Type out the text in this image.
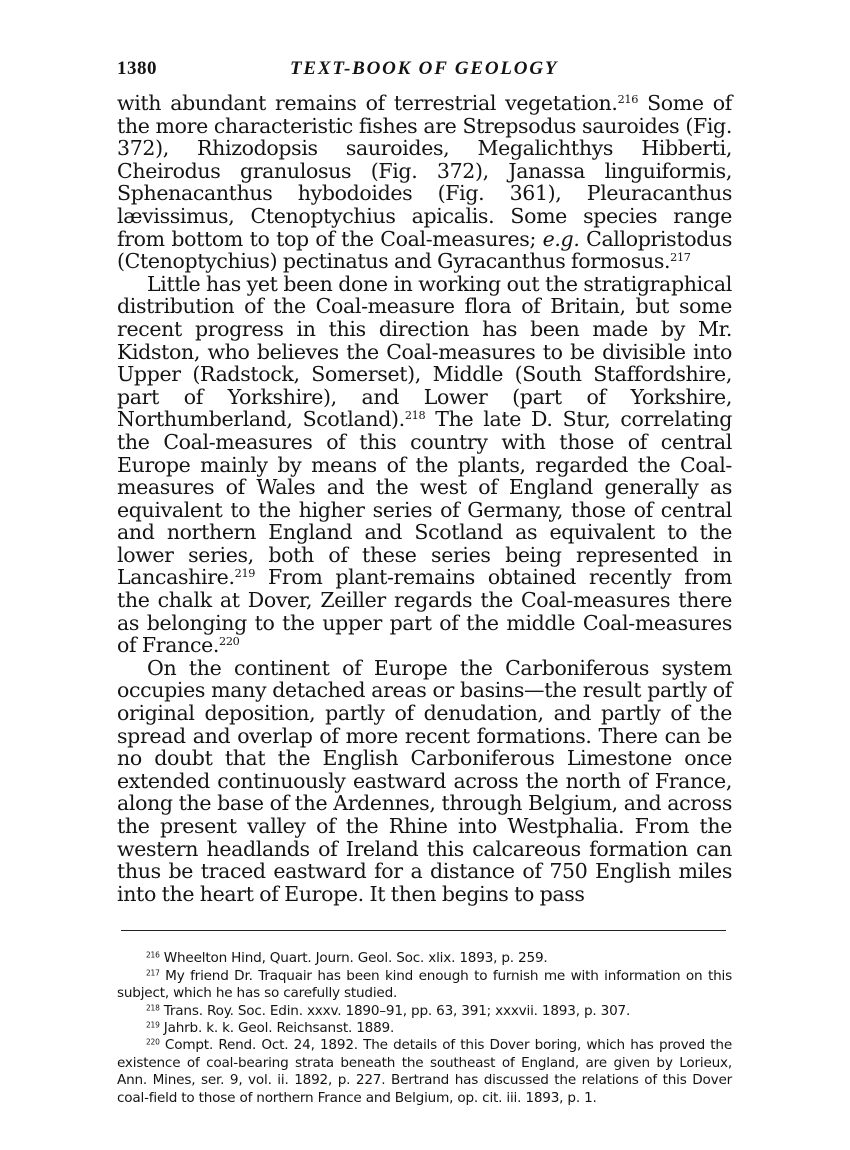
1380	TEXT-BOOK OF GEOLOGY

with abundant remains of terrestrial vegetation.$^{216}$ Some of the more characteristic fishes are Strepsodus sauroides (Fig. 372), Rhizodopsis sauroides, Megalichthys Hibberti, Cheirodus granulosus (Fig. 372), Janassa linguiformis, Sphenacanthus hybodoides (Fig. 361), Pleuracanthus lævissimus, Ctenoptychius apicalis. Some species range from bottom to top of the Coal-measures; e.g. Callopristodus (Ctenoptychius) pectinatus and Gyracanthus formosus.$^{217}$

Little has yet been done in working out the stratigraphical distribution of the Coal-measure flora of Britain, but some recent progress in this direction has been made by Mr. Kidston, who believes the Coal-measures to be divisible into Upper (Radstock, Somerset), Middle (South Staffordshire, part of Yorkshire), and Lower (part of Yorkshire, Northumberland, Scotland).$^{218}$ The late D. Stur, correlating the Coal-measures of this country with those of central Europe mainly by means of the plants, regarded the Coal-measures of Wales and the west of England generally as equivalent to the higher series of Germany, those of central and northern England and Scotland as equivalent to the lower series, both of these series being represented in Lancashire.$^{219}$ From plant-remains obtained recently from the chalk at Dover, Zeiller regards the Coal-measures there as belonging to the upper part of the middle Coal-measures of France.$^{220}$

On the continent of Europe the Carboniferous system occupies many detached areas or basins—the result partly of original deposition, partly of denudation, and partly of the spread and overlap of more recent formations. There can be no doubt that the English Carboniferous Limestone once extended continuously eastward across the north of France, along the base of the Ardennes, through Belgium, and across the present valley of the Rhine into Westphalia. From the western headlands of Ireland this calcareous formation can thus be traced eastward for a distance of 750 English miles into the heart of Europe. It then begins to pass

$^{216}$ Wheelton Hind, Quart. Journ. Geol. Soc. xlix. 1893, p. 259.

$^{217}$ My friend Dr. Traquair has been kind enough to furnish me with information on this subject, which he has so carefully studied.

$^{218}$ Trans. Roy. Soc. Edin. xxxv. 1890–91, pp. 63, 391; xxxvii. 1893, p. 307.

$^{219}$ Jahrb. k. k. Geol. Reichsanst. 1889.

$^{220}$ Compt. Rend. Oct. 24, 1892. The details of this Dover boring, which has proved the existence of coal-bearing strata beneath the southeast of England, are given by Lorieux, Ann. Mines, ser. 9, vol. ii. 1892, p. 227. Bertrand has discussed the relations of this Dover coal-field to those of northern France and Belgium, op. cit. iii. 1893, p. 1.
